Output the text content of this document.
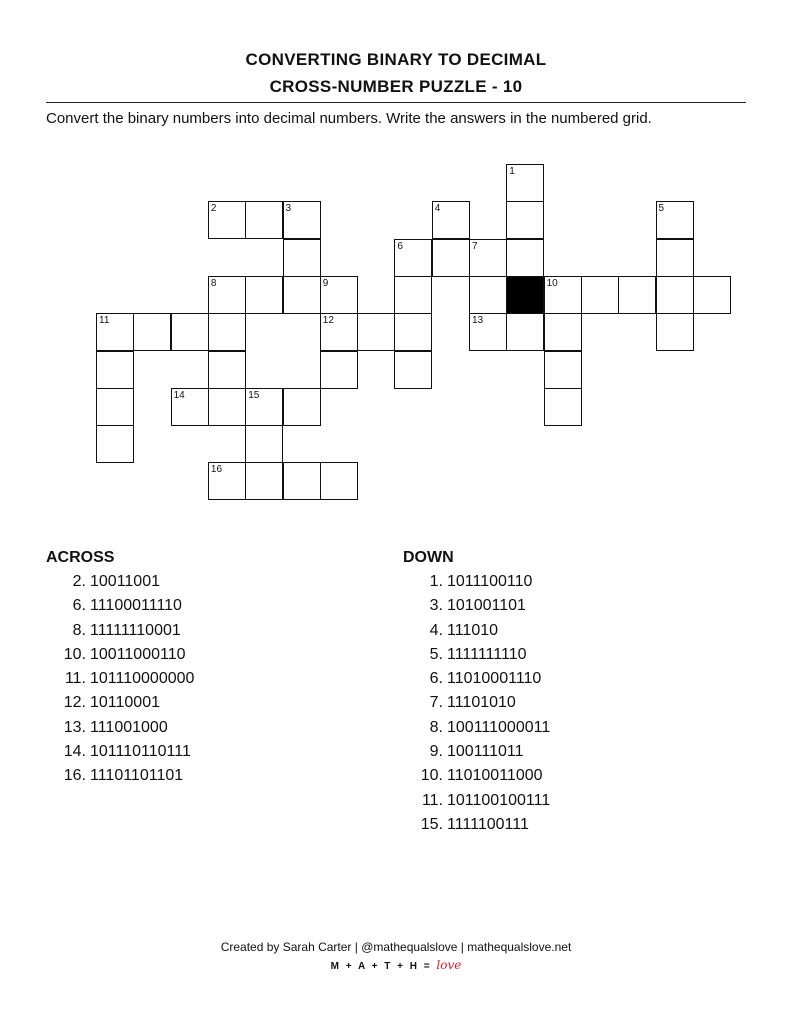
CONVERTING BINARY TO DECIMAL
CROSS-NUMBER PUZZLE - 10

Convert the binary numbers into decimal numbers. Write the answers in the numbered grid.

1
2	3	4	5
6	7
8	9	10
11	12	13
14	15
16
ACROSS
2. 10011001
6. 11100011110
8. 11111110001
10. 10011000110
11. 101110000000
12. 10110001
13. 111001000
14. 101110110111
16. 11101101101
DOWN
1. 1011100110
3. 101001101
4. 111010
5. 1111111110
6. 11010001110
7. 11101010
8. 100111000011
9. 100111011
10. 11010011000
11. 101100100111
15. 1111100111

Created by Sarah Carter | @mathequalslove | mathequalslove.net

M + A + T + H = love
